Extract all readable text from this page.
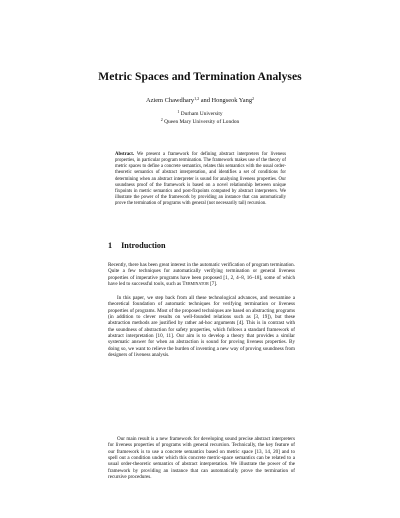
Metric Spaces and Termination Analyses
Aziem Chawdhary$^{1,2}$ and Hongseok Yang$^2$
$^1$ Durham University
$^2$ Queen Mary University of London

Abstract. We present a framework for defining abstract interpreters for liveness properties, in particular program termination. The framework makes use of the theory of metric spaces to define a concrete semantics, relates this semantics with the usual order-theoretic semantics of abstract interpretation, and identifies a set of conditions for determining when an abstract interpreter is sound for analysing liveness properties. Our soundness proof of the framework is based on a novel relationship between unique fixpoints in metric semantics and post-fixpoints computed by abstract interpreters. We illustrate the power of the framework by providing an instance that can automatically prove the termination of programs with general (not necessarily tail) recursion.

1 Introduction

Recently, there has been great interest in the automatic verification of program termination. Quite a few techniques for automatically verifying termination or general liveness properties of imperative programs have been proposed [1, 2, 4–8, 16–18], some of which have led to successful tools, such as Terminator [7].

In this paper, we step back from all these technological advances, and reexamine a theoretical foundation of automatic techniques for verifying termination or liveness properties of programs. Most of the proposed techniques are based on abstracting programs (in addition to clever results on well-founded relations such as [3, 19]), but these abstraction methods are justified by rather ad-hoc arguments [4]. This is in contrast with the soundness of abstraction for safety properties, which follows a standard framework of abstract interpretation [10, 11]. Our aim is to develop a theory that provides a similar systematic answer for when an abstraction is sound for proving liveness properties. By doing so, we want to relieve the burden of inventing a new way of proving soundness from designers of liveness analysis.

Our main result is a new framework for developing sound precise abstract interpreters for liveness properties of programs with general recursion. Technically, the key feature of our framework is to use a concrete semantics based on metric space [13, 14, 20] and to spell out a condition under which this concrete metric-space semantics can be related to a usual order-theoretic semantics of abstract interpretation. We illustrate the power of the framework by providing an instance that can automatically prove the termination of recursive procedures.
